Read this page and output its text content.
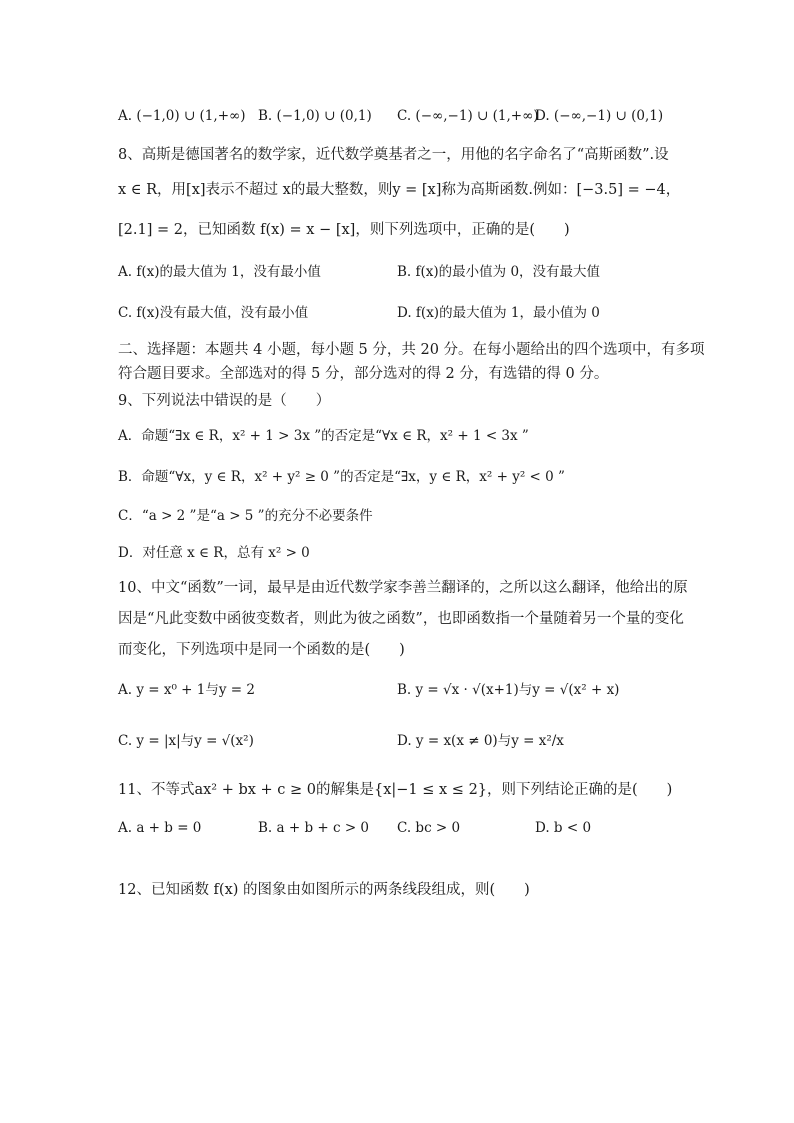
A. (−1,0) ∪ (1,+∞) B. (−1,0) ∪ (0,1) C. (−∞,−1) ∪ (1,+∞)
D. (−∞,−1) ∪ (0,1)
8、高斯是德国著名的数学家，近代数学奠基者之一，用他的名字命名了“高斯函数”.设
x ∈ R，用[x]表示不超过 x的最大整数，则y = [x]称为高斯函数.例如：[−3.5] = −4，
[2.1] = 2，已知函数 f(x) = x − [x]，则下列选项中，正确的是(　　)
A. f(x)的最大值为 1，没有最小值	B. f(x)的最小值为 0，没有最大值
C. f(x)没有最大值，没有最小值	D. f(x)的最大值为 1，最小值为 0
二、选择题：本题共 4 小题，每小题 5 分，共 20 分。在每小题给出的四个选项中，有多项
符合题目要求。全部选对的得 5 分，部分选对的得 2 分，有选错的得 0 分。
9、下列说法中错误的是（　　）
A．命题“∃x ∈ R，x² + 1 > 3x ”的否定是“∀x ∈ R，x² + 1 < 3x ”
B．命题“∀x，y ∈ R，x² + y² ≥ 0 ”的否定是“∃x，y ∈ R，x² + y² < 0 ”
C．“a > 2 ”是“a > 5 ”的充分不必要条件
D．对任意 x ∈ R，总有 x² > 0
10、中文“函数”一词，最早是由近代数学家李善兰翻译的，之所以这么翻译，他给出的原
因是“凡此变数中函彼变数者，则此为彼之函数”，也即函数指一个量随着另一个量的变化
而变化，下列选项中是同一个函数的是(　　)
A. y = x⁰ + 1与y = 2	B. y = √x · √(x+1)与y = √(x² + x)
C. y = |x|与y = √(x²)	D. y = x(x ≠ 0)与y = x²/x
11、不等式ax² + bx + c ≥ 0的解集是{x|−1 ≤ x ≤ 2}，则下列结论正确的是(　　)
A. a + b = 0	B. a + b + c > 0 C. bc > 0	D. b < 0
12、已知函数 f(x) 的图象由如图所示的两条线段组成，则(　　)
